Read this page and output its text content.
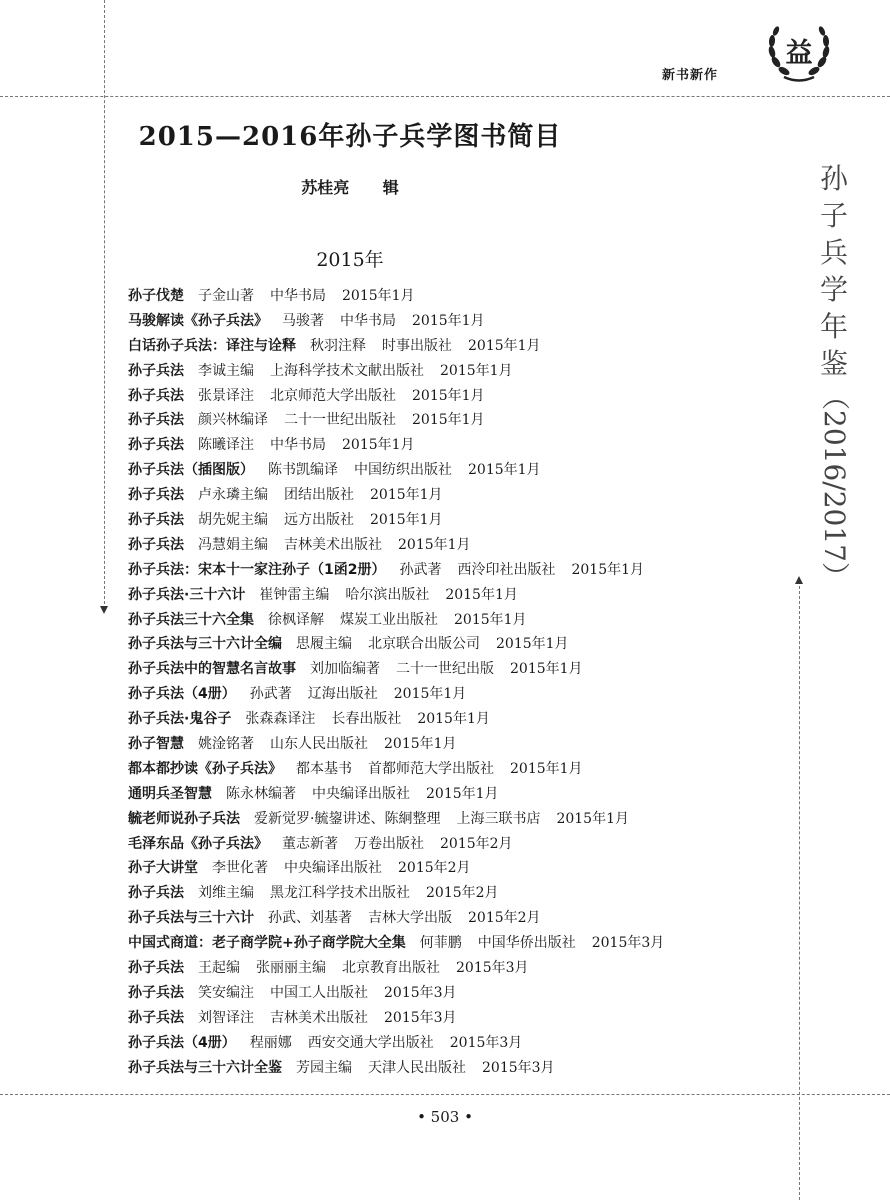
新书新作
益
2015—2016年孙子兵学图书简目
苏桂亮 辑
2015年
孙子伐楚 子金山著 中华书局 2015年1月
马骏解读《孙子兵法》 马骏著 中华书局 2015年1月
白话孙子兵法：译注与诠释 秋羽注释 时事出版社 2015年1月
孙子兵法 李诚主编 上海科学技术文献出版社 2015年1月
孙子兵法 张景译注 北京师范大学出版社 2015年1月
孙子兵法 颜兴林编译 二十一世纪出版社 2015年1月
孙子兵法 陈曦译注 中华书局 2015年1月
孙子兵法（插图版） 陈书凯编译 中国纺织出版社 2015年1月
孙子兵法 卢永璘主编 团结出版社 2015年1月
孙子兵法 胡先妮主编 远方出版社 2015年1月
孙子兵法 冯慧娟主编 吉林美术出版社 2015年1月
孙子兵法：宋本十一家注孙子（1函2册） 孙武著 西泠印社出版社 2015年1月
孙子兵法·三十六计 崔钟雷主编 哈尔滨出版社 2015年1月
孙子兵法三十六全集 徐枫译解 煤炭工业出版社 2015年1月
孙子兵法与三十六计全编 思履主编 北京联合出版公司 2015年1月
孙子兵法中的智慧名言故事 刘加临编著 二十一世纪出版 2015年1月
孙子兵法（4册） 孙武著 辽海出版社 2015年1月
孙子兵法·鬼谷子 张森森译注 长春出版社 2015年1月
孙子智慧 姚淦铭著 山东人民出版社 2015年1月
都本都抄读《孙子兵法》 都本基书 首都师范大学出版社 2015年1月
通明兵圣智慧 陈永林编著 中央编译出版社 2015年1月
毓老师说孙子兵法 爱新觉罗·毓鋆讲述、陈絅整理 上海三联书店 2015年1月
毛泽东品《孙子兵法》 董志新著 万卷出版社 2015年2月
孙子大讲堂 李世化著 中央编译出版社 2015年2月
孙子兵法 刘维主编 黑龙江科学技术出版社 2015年2月
孙子兵法与三十六计 孙武、刘基著 吉林大学出版 2015年2月
中国式商道：老子商学院+孙子商学院大全集 何菲鹏 中国华侨出版社 2015年3月
孙子兵法 王起编 张丽丽主编 北京教育出版社 2015年3月
孙子兵法 笑安编注 中国工人出版社 2015年3月
孙子兵法 刘智译注 吉林美术出版社 2015年3月
孙子兵法（4册） 程丽娜 西安交通大学出版社 2015年3月
孙子兵法与三十六计全鉴 芳园主编 天津人民出版社 2015年3月
孙
子
兵
学
年
鉴
（2016/2017）
• 503 •
